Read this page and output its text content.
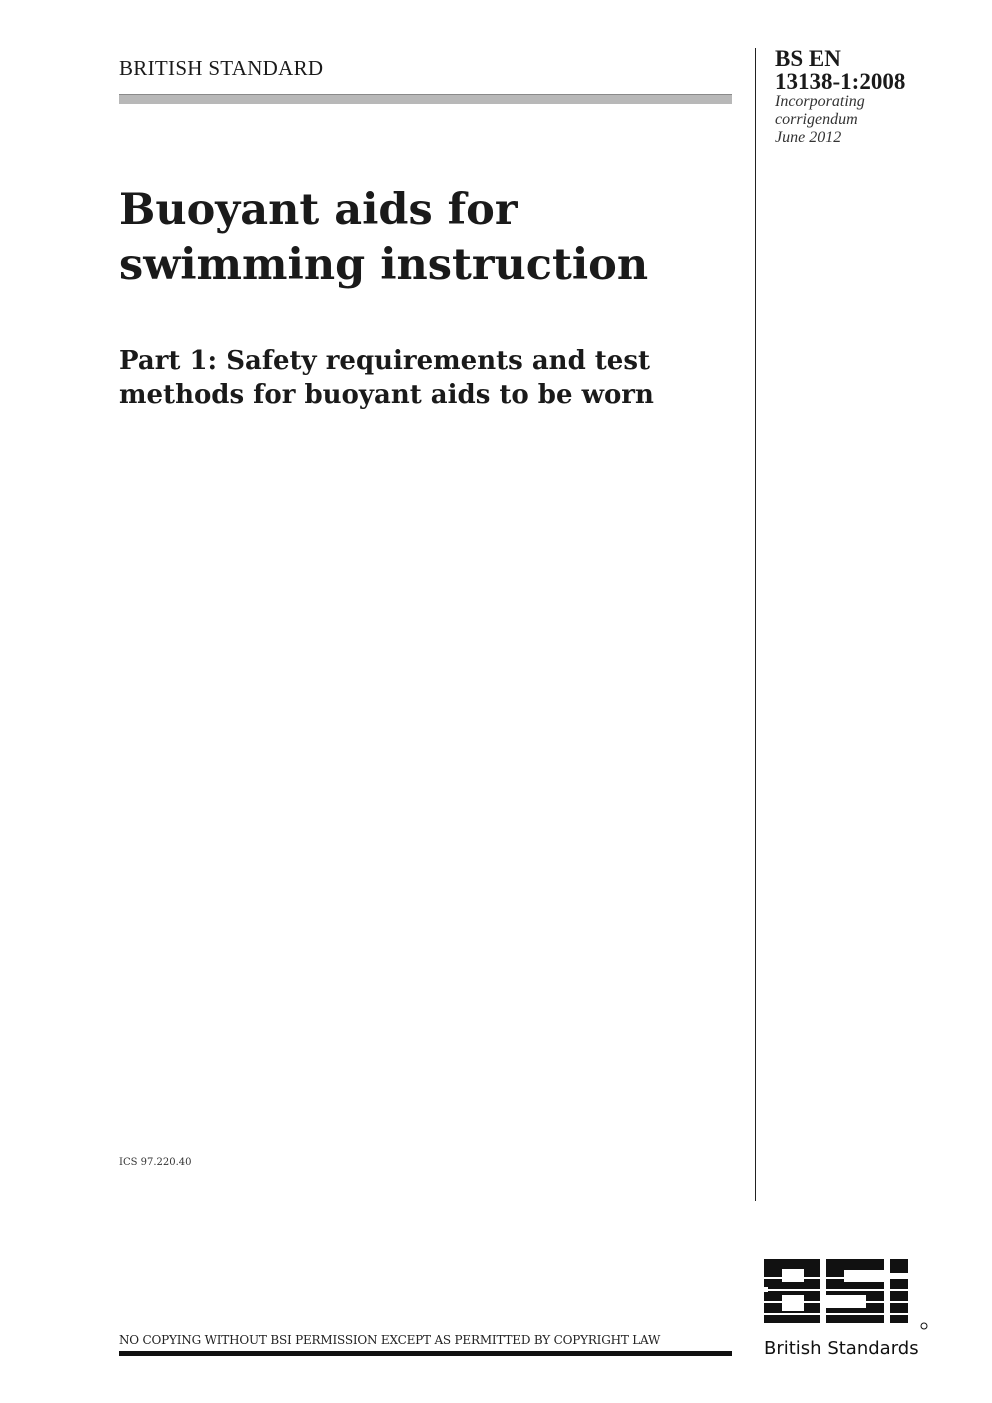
BRITISH STANDARD	BS EN
13138-1:2008
Incorporating
corrigendum
June 2012
Buoyant aids for
swimming instruction
Part 1: Safety requirements and test
methods for buoyant aids to be worn
ICS 97.220.40
NO COPYING WITHOUT BSI PERMISSION EXCEPT AS PERMITTED BY COPYRIGHT LAW	British Standards
